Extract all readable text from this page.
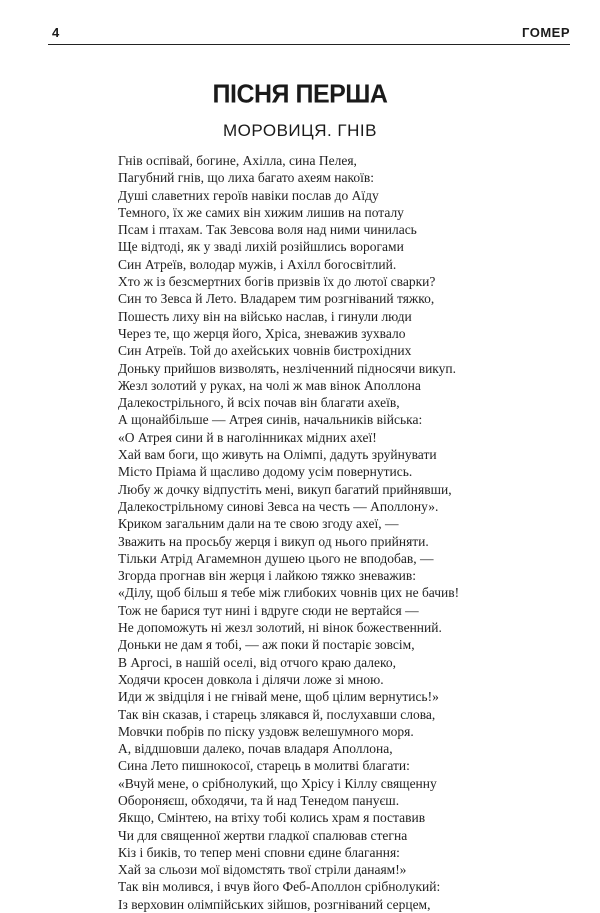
4	ГОМЕР
ПІСНЯ ПЕРША
МОРОВИЦЯ. ГНІВ
Гнів оспівай, богине, Ахілла, сина Пелея,
Пагубний гнів, що лиха багато ахеям накоїв:
Душі славетних героїв навіки послав до Аїду
Темного, їх же самих він хижим лишив на поталу
Псам і птахам. Так Зевсова воля над ними чинилась
Ще відтоді, як у зваді лихій розійшлись ворогами
Син Атреїв, володар мужів, і Ахілл богосвітлий.
Хто ж із безсмертних богів призвів їх до лютої сварки?
Син то Зевса й Лето. Владарем тим розгніваний тяжко,
Пошесть лиху він на військо наслав, і гинули люди
Через те, що жерця його, Хріса, зневажив зухвало
Син Атреїв. Той до ахейських човнів бистрохідних
Доньку прийшов визволять, незліченний підносячи викуп.
Жезл золотий у руках, на чолі ж мав вінок Аполлона
Далекострільного, й всіх почав він благати ахеїв,
А щонайбільше — Атрея синів, начальників війська:
«О Атрея сини й в наголінниках мідних ахеї!
Хай вам боги, що живуть на Олімпі, дадуть зруйнувати
Місто Пріама й щасливо додому усім повернутись.
Любу ж дочку відпустіть мені, викуп багатий прийнявши,
Далекострільному синові Зевса на честь — Аполлону».
Криком загальним дали на те свою згоду ахеї, —
Зважить на просьбу жерця і викуп од нього прийняти.
Тільки Атрід Агамемнон душею цього не вподобав, —
Згорда прогнав він жерця і лайкою тяжко зневажив:
«Ділу, щоб більш я тебе між глибоких човнів цих не бачив!
Тож не барися тут нині і вдруге сюди не вертайся —
Не допоможуть ні жезл золотий, ні вінок божественний.
Доньки не дам я тобі, — аж поки й постаріє зовсім,
В Аргосі, в нашій оселі, від отчого краю далеко,
Ходячи кросен довкола і ділячи ложе зі мною.
Иди ж звідціля і не гнівай мене, щоб цілим вернутись!»
Так він сказав, і старець злякався й, послухавши слова,
Мовчки побрів по піску уздовж велешумного моря.
А, віддшовши далеко, почав владаря Аполлона,
Сина Лето пишнокосої, старець в молитві благати:
«Вчуй мене, о срібнолукий, що Хрісу і Кіллу священну
Обороняєш, обходячи, та й над Тенедом пануєш.
Якщо, Смінтею, на втіху тобі колись храм я поставив
Чи для священної жертви гладкої спалював стегна
Кіз і биків, то тепер мені сповни єдине благання:
Хай за сльози мої відомстять твої стріли данаям!»
Так він молився, і вчув його Феб-Аполлон срібнолукий:
Із верховин олімпійських зійшов, розгніваний серцем,
